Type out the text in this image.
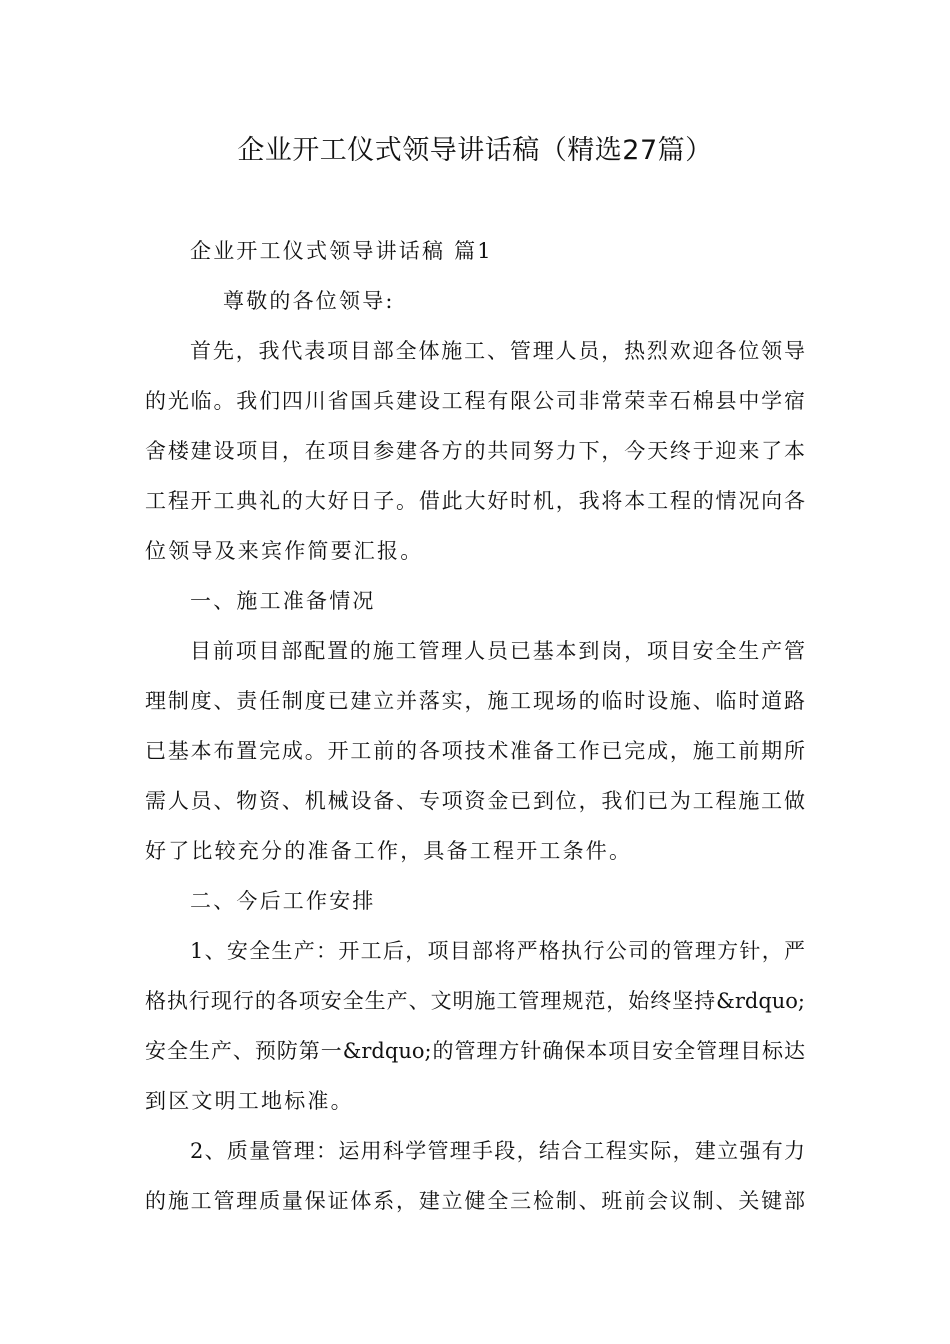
企业开工仪式领导讲话稿（精选27篇）

企业开工仪式领导讲话稿 篇1

尊敬的各位领导:

首先，我代表项目部全体施工、管理人员，热烈欢迎各位领导

的光临。我们四川省国兵建设工程有限公司非常荣幸石棉县中学宿

舍楼建设项目，在项目参建各方的共同努力下，今天终于迎来了本

工程开工典礼的大好日子。借此大好时机，我将本工程的情况向各

位领导及来宾作简要汇报。

一、施工准备情况

目前项目部配置的施工管理人员已基本到岗，项目安全生产管

理制度、责任制度已建立并落实，施工现场的临时设施、临时道路

已基本布置完成。开工前的各项技术准备工作已完成，施工前期所

需人员、物资、机械设备、专项资金已到位，我们已为工程施工做

好了比较充分的准备工作，具备工程开工条件。

二、今后工作安排

1、安全生产：开工后，项目部将严格执行公司的管理方针，严

格执行现行的各项安全生产、文明施工管理规范，始终坚持&rdquo;

安全生产、预防第一&rdquo;的管理方针确保本项目安全管理目标达

到区文明工地标准。

2、质量管理：运用科学管理手段，结合工程实际，建立强有力

的施工管理质量保证体系，建立健全三检制、班前会议制、关键部
